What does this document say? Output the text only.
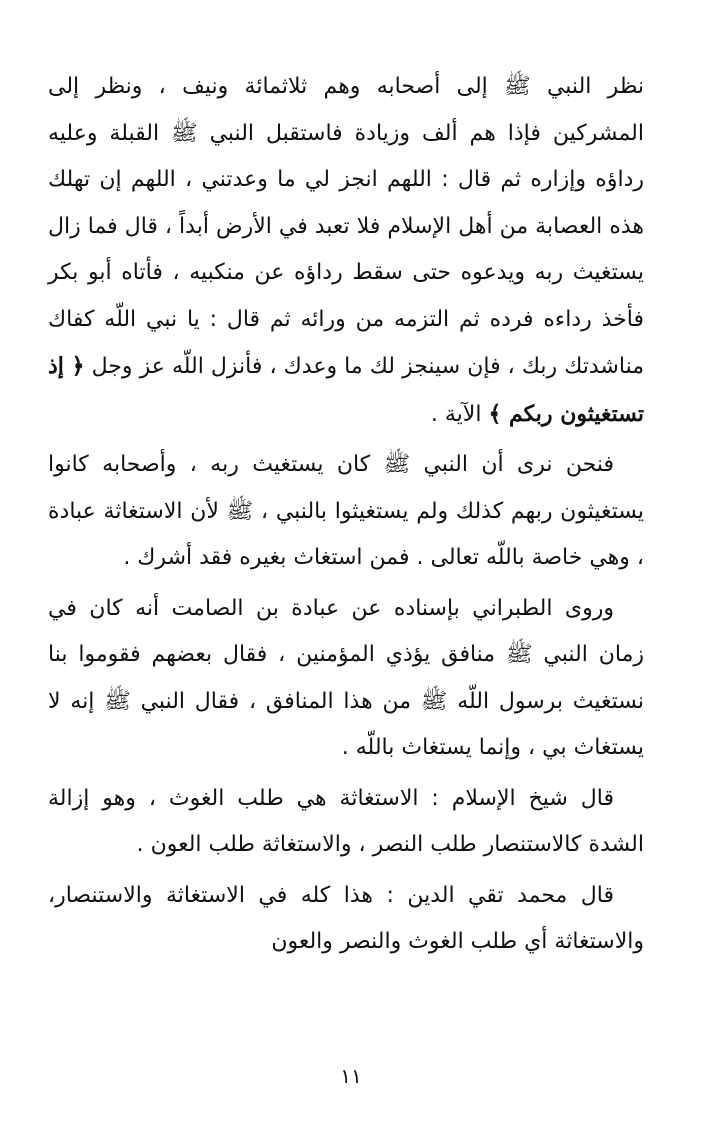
نظر النبي ﷺ إلى أصحابه وهم ثلاثمائة ونيف ، ونظر إلى المشركين فإذا هم ألف وزيادة فاستقبل النبي ﷺ القبلة وعليه رداؤه وإزاره ثم قال : اللهم انجز لي ما وعدتني ، اللهم إن تهلك هذه العصابة من أهل الإسلام فلا تعبد في الأرض أبداً ، قال فما زال يستغيث ربه ويدعوه حتى سقط رداؤه عن منكبيه ، فأتاه أبو بكر فأخذ رداءه فرده ثم التزمه من ورائه ثم قال : يا نبي اللّه كفاك مناشدتك ربك ، فإن سينجز لك ما وعدك ، فأنزل اللّه عز وجل ﴿ إذ تستغيثون ربكم ﴾ الآية .

فنحن نرى أن النبي ﷺ كان يستغيث ربه ، وأصحابه كانوا يستغيثون ربهم كذلك ولم يستغيثوا بالنبي ، ﷺ لأن الاستغاثة عبادة ، وهي خاصة باللّه تعالى . فمن استغاث بغيره فقد أشرك .

وروى الطبراني بإسناده عن عبادة بن الصامت أنه كان في زمان النبي ﷺ منافق يؤذي المؤمنين ، فقال بعضهم فقوموا بنا نستغيث برسول اللّه ﷺ من هذا المنافق ، فقال النبي ﷺ إنه لا يستغاث بي ، وإنما يستغاث باللّه .

قال شيخ الإسلام : الاستغاثة هي طلب الغوث ، وهو إزالة الشدة كالاستنصار طلب النصر ، والاستغاثة طلب العون .

قال محمد تقي الدين : هذا كله في الاستغاثة والاستنصار، والاستغاثة أي طلب الغوث والنصر والعون

١١
